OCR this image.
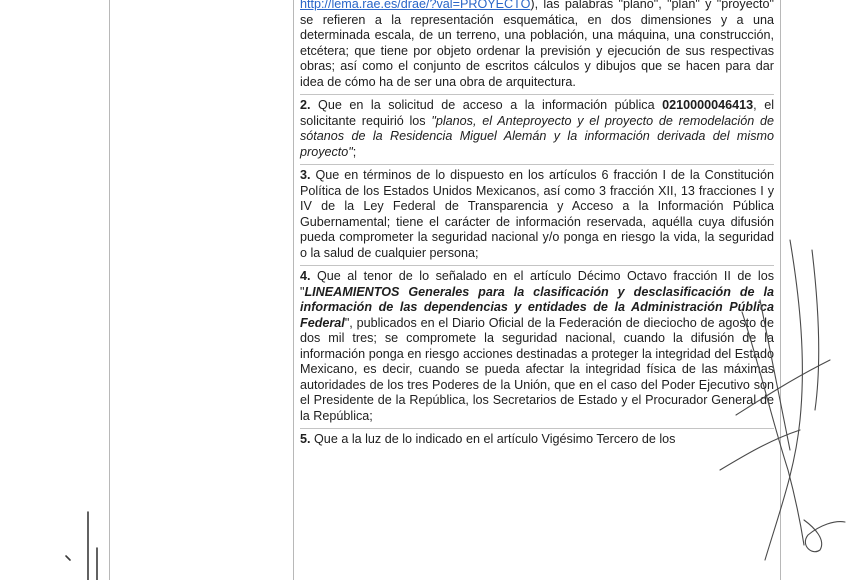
http://lema.rae.es/drae/?val=PROYECTO), las palabras "plano", "plan" y "proyecto" se refieren a la representación esquemática, en dos dimensiones y a una determinada escala, de un terreno, una población, una máquina, una construcción, etcétera; que tiene por objeto ordenar la previsión y ejecución de sus respectivas obras; así como el conjunto de escritos cálculos y dibujos que se hacen para dar idea de cómo ha de ser una obra de arquitectura.

2. Que en la solicitud de acceso a la información pública 0210000046413, el solicitante requirió los "planos, el Anteproyecto y el proyecto de remodelación de sótanos de la Residencia Miguel Alemán y la información derivada del mismo proyecto";

3. Que en términos de lo dispuesto en los artículos 6 fracción I de la Constitución Política de los Estados Unidos Mexicanos, así como 3 fracción XII, 13 fracciones I y IV de la Ley Federal de Transparencia y Acceso a la Información Pública Gubernamental; tiene el carácter de información reservada, aquélla cuya difusión pueda comprometer la seguridad nacional y/o ponga en riesgo la vida, la seguridad o la salud de cualquier persona;

4. Que al tenor de lo señalado en el artículo Décimo Octavo fracción II de los "LINEAMIENTOS Generales para la clasificación y desclasificación de la información de las dependencias y entidades de la Administración Pública Federal", publicados en el Diario Oficial de la Federación de dieciocho de agosto de dos mil tres; se compromete la seguridad nacional, cuando la difusión de la información ponga en riesgo acciones destinadas a proteger la integridad del Estado Mexicano, es decir, cuando se pueda afectar la integridad física de las máximas autoridades de los tres Poderes de la Unión, que en el caso del Poder Ejecutivo son el Presidente de la República, los Secretarios de Estado y el Procurador General de la República;

5. Que a la luz de lo indicado en el artículo Vigésimo Tercero de los
